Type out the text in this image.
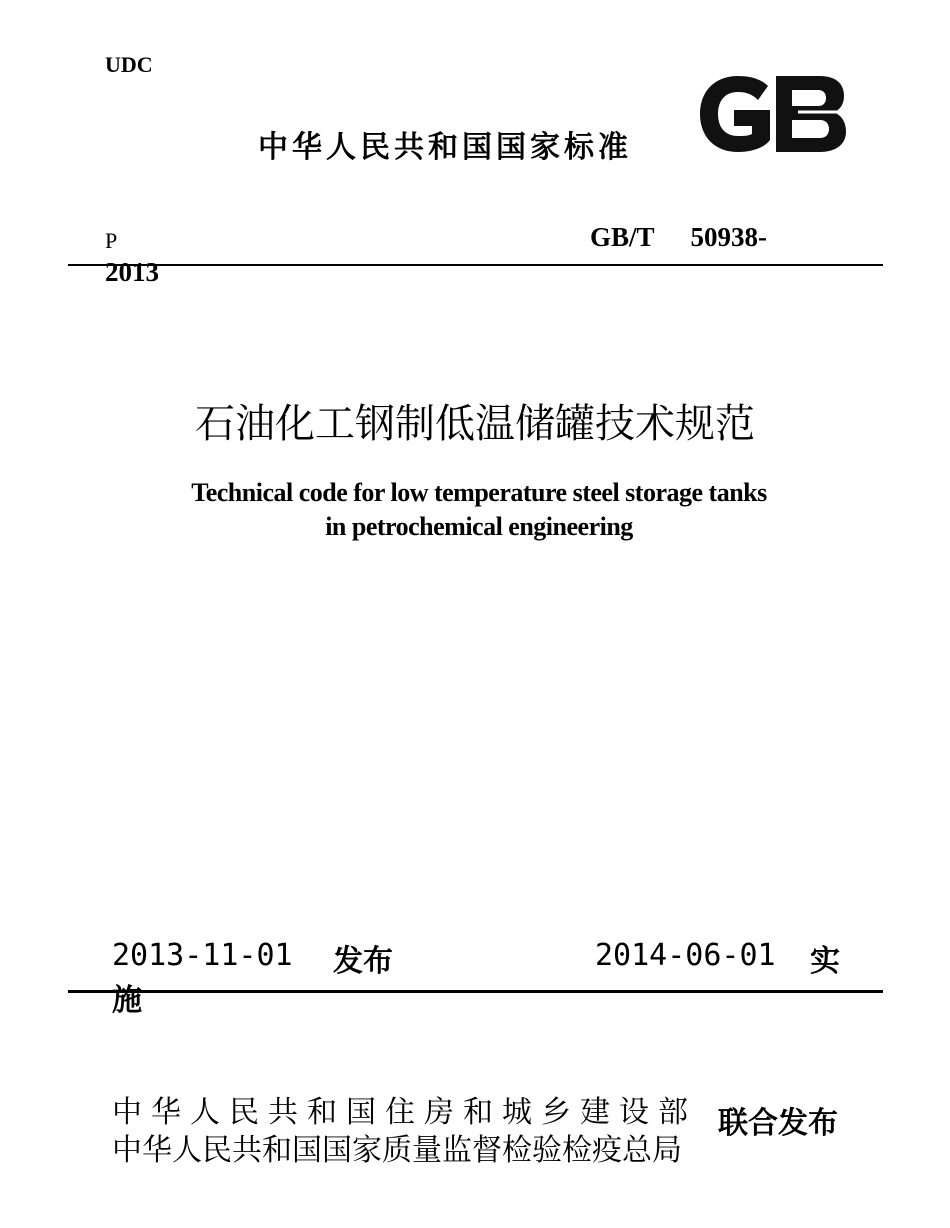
UDC
中华人民共和国国家标准
P	GB/T 50938-
2013
石油化工钢制低温储罐技术规范
Technical code for low temperature steel storage tanks
in petrochemical engineering
2013-11-01 发布	2014-06-01 实
施
中华人民共和国住房和城乡建设部
中华人民共和国国家质量监督检验检疫总局
联合发布
